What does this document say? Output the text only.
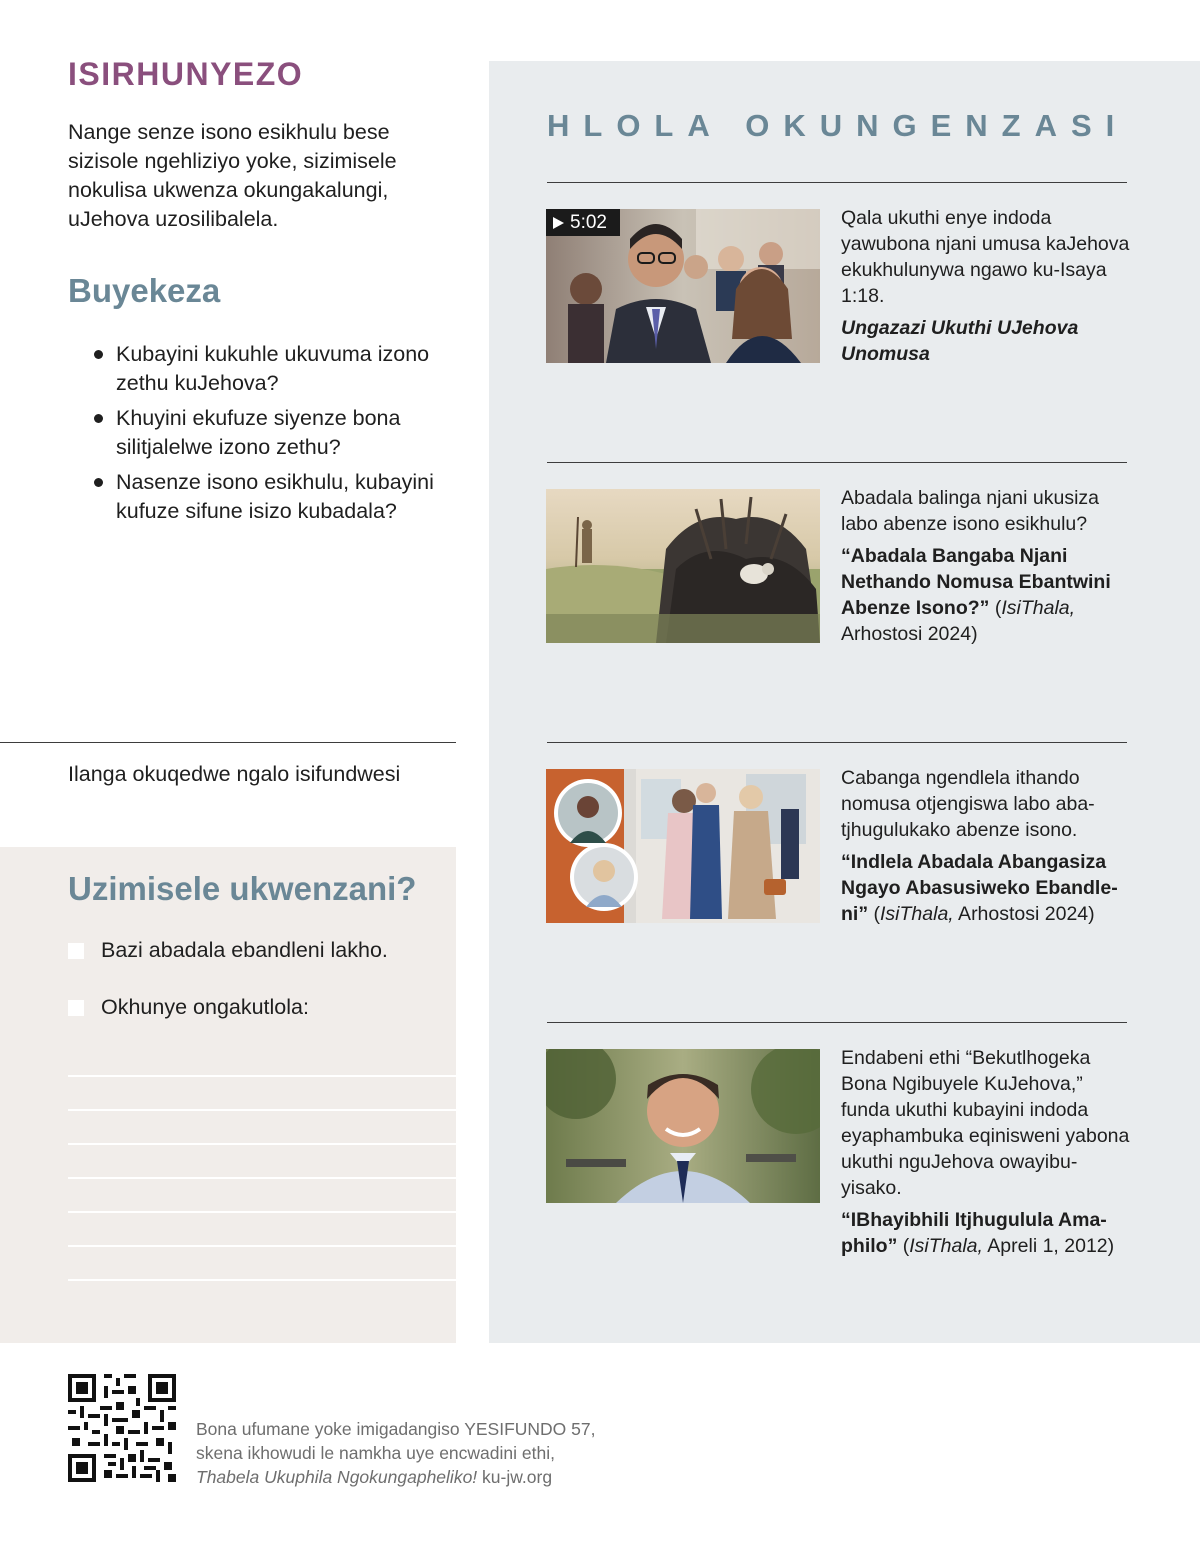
ISIRHUNYEZO

Nange senze isono esikhulu bese sizisole ngehliziyo yoke, sizimisele nokulisa ukwenza okungakalungi, uJehova uzosilibalela.

Buyekeza
Kubayini kukuhle ukuvuma izono zethu kuJehova?
Khuyini ekufuze siyenze bona silitjalelwe izono zethu?
Nasenze isono esikhulu, kubayini kufuze sifune isizo kubadala?
Ilanga okuqedwe ngalo isifundwesi
Uzimisele ukwenzani?
Bazi abadala ebandleni lakho.
Okhunye ongakutlola:
HLOLA OKUNGENZASI
5:02	Qala ukuthi enye indoda yawubona njani umusa kaJehova ekukhulunywa ngawo ku-Isaya 1:18.
Ungazazi Ukuthi UJehova Unomusa
Abadala balinga njani ukusiza labo abenze isono esikhulu?
“Abadala Bangaba Njani Nethando Nomusa Ebantwini Abenze Isono?” (IsiThala, Arhostosi 2024)
Cabanga ngendlela ithando nomusa otjengiswa labo abatjhugulukako abenze isono.
“Indlela Abadala Abangasiza Ngayo Abasusiweko Ebandleni” (IsiThala, Arhostosi 2024)
Endabeni ethi “Bekutlhogeka Bona Ngibuyele KuJehova,” funda ukuthi kubayini indoda eyaphambuka eqinisweni yabona ukuthi nguJehova owayibuyisako.
“IBhayibhili Itjhugulula Amaphilo” (IsiThala, Apreli 1, 2012)
Bona ufumane yoke imigadangiso YESIFUNDO 57,
skena ikhowudi le namkha uye encwadini ethi,
Thabela Ukuphila Ngokungapheliko! ku-jw.org
